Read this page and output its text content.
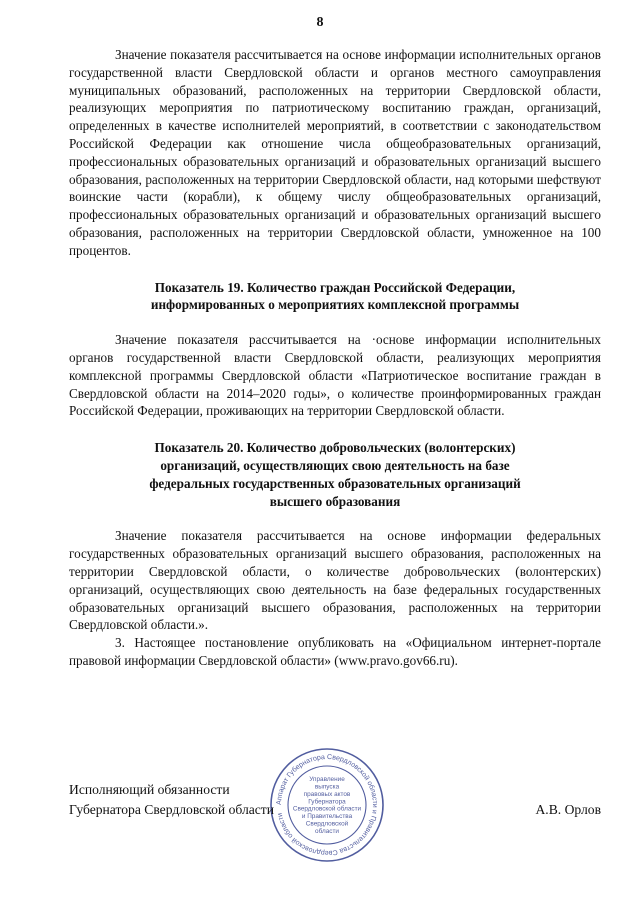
8

Значение показателя рассчитывается на основе информации исполнительных органов государственной власти Свердловской области и органов местного самоуправления муниципальных образований, расположенных на территории Свердловской области, реализующих мероприятия по патриотическому воспитанию граждан, организаций, определенных в качестве исполнителей мероприятий, в соответствии с законодательством Российской Федерации как отношение числа общеобразовательных организаций, профессиональных образовательных организаций и образовательных организаций высшего образования, расположенных на территории Свердловской области, над которыми шефствуют воинские части (корабли), к общему числу общеобразовательных организаций, профессиональных образовательных организаций и образовательных организаций высшего образования, расположенных на территории Свердловской области, умноженное на 100 процентов.

Показатель 19. Количество граждан Российской Федерации,
информированных о мероприятиях комплексной программы

Значение показателя рассчитывается на ·основе информации исполнительных органов государственной власти Свердловской области, реализующих мероприятия комплексной программы Свердловской области «Патриотическое воспитание граждан в Свердловской области на 2014–2020 годы», о количестве проинформированных граждан Российской Федерации, проживающих на территории Свердловской области.

Показатель 20. Количество добровольческих (волонтерских)
организаций, осуществляющих свою деятельность на базе
федеральных государственных образовательных организаций
высшего образования

Значение показателя рассчитывается на основе информации федеральных государственных образовательных организаций высшего образования, расположенных на территории Свердловской области, о количестве добровольческих (волонтерских) организаций, осуществляющих свою деятельность на базе федеральных государственных образовательных организаций высшего образования, расположенных на территории Свердловской области.».

3. Настоящее постановление опубликовать на «Официальном интернет-портале правовой информации Свердловской области» (www.pravo.gov66.ru).

Аппарат Губернатора Свердловской области и Правительства Свердловской области
Управление
выпуска
правовых актов
Губернатора
Свердловской области
и Правительства
Свердловской
области
Исполняющий обязанности
Губернатора Свердловской области	А.В. Орлов
